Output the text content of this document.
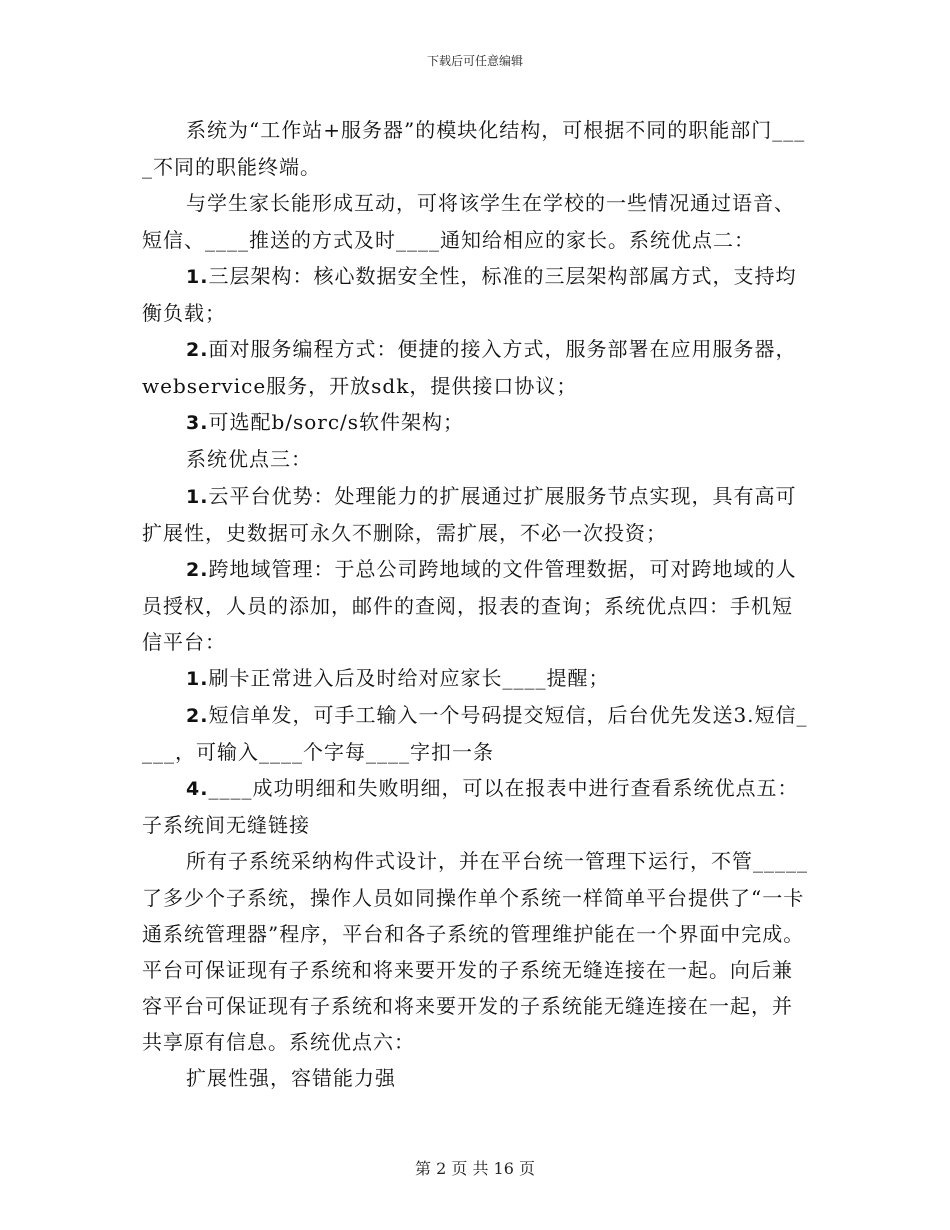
下载后可任意编辑

系统为“工作站+服务器”的模块化结构，可根据不同的职能部门____不同的职能终端。

与学生家长能形成互动，可将该学生在学校的一些情况通过语音、短信、____推送的方式及时____通知给相应的家长。系统优点二：

1.三层架构：核心数据安全性，标准的三层架构部属方式，支持均衡负载；

2.面对服务编程方式：便捷的接入方式，服务部署在应用服务器，webservice服务，开放sdk，提供接口协议；

3.可选配b/sorc/s软件架构；

系统优点三：

1.云平台优势：处理能力的扩展通过扩展服务节点实现，具有高可扩展性，史数据可永久不删除，需扩展，不必一次投资；

2.跨地域管理：于总公司跨地域的文件管理数据，可对跨地域的人员授权，人员的添加，邮件的查阅，报表的查询；系统优点四：手机短信平台：

1.刷卡正常进入后及时给对应家长____提醒；

2.短信单发，可手工输入一个号码提交短信，后台优先发送3.短信____，可输入____个字每____字扣一条

4.____成功明细和失败明细，可以在报表中进行查看系统优点五：子系统间无缝链接

所有子系统采纳构件式设计，并在平台统一管理下运行，不管_____了多少个子系统，操作人员如同操作单个系统一样简单平台提供了“一卡通系统管理器”程序，平台和各子系统的管理维护能在一个界面中完成。平台可保证现有子系统和将来要开发的子系统无缝连接在一起。向后兼容平台可保证现有子系统和将来要开发的子系统能无缝连接在一起，并共享原有信息。系统优点六：

扩展性强，容错能力强

第 2 页 共 16 页
